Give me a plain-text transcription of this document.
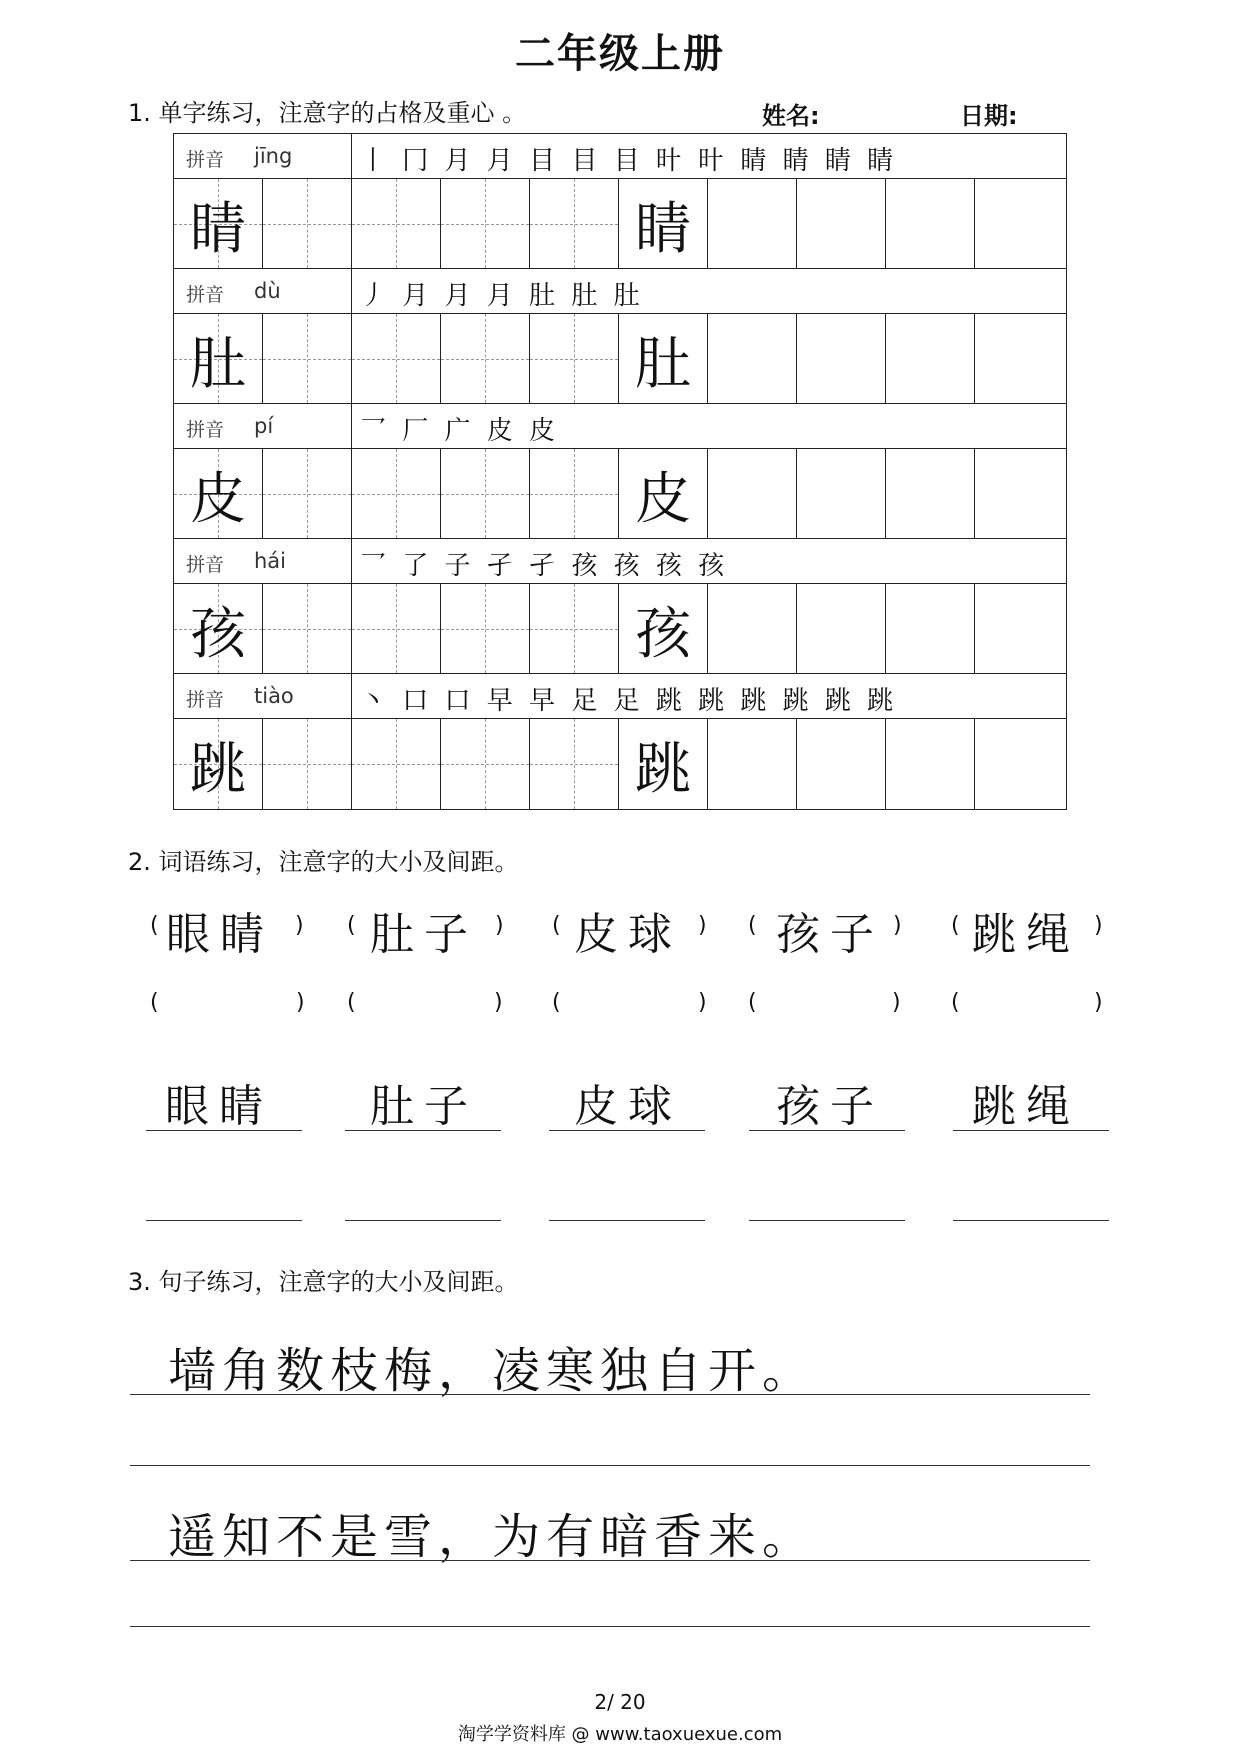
二年级上册
1. 单字练习，注意字的占格及重心 。	姓名:	日期:
拼音 jīng	丨 冂 月 月 目 目 目 旪 旪 睛 睛 睛 睛
睛	睛
拼音 dù	丿 月 月 月 肚 肚 肚
肚	肚
拼音 pí	乛 厂 广 皮 皮
皮	皮
拼音 hái	乛 了 子 孑 孑 孩 孩 孩 孩
孩	孩
拼音 tiào	丶 口 口 早 早 足 足 跳 跳 跳 跳 跳 跳
跳	跳
2. 词语练习，注意字的大小及间距。
( 眼睛 ) ( 肚子 ) ( 皮球 ) ( 孩子 ) ( 跳绳 )
(	) (	) (	) (	) (	)
眼睛 肚子 皮球 孩子 跳绳
3. 句子练习，注意字的大小及间距。
墙角数枝梅，凌寒独自开。
遥知不是雪，为有暗香来。
2/ 20
淘学学资料库 @ www.taoxuexue.com
